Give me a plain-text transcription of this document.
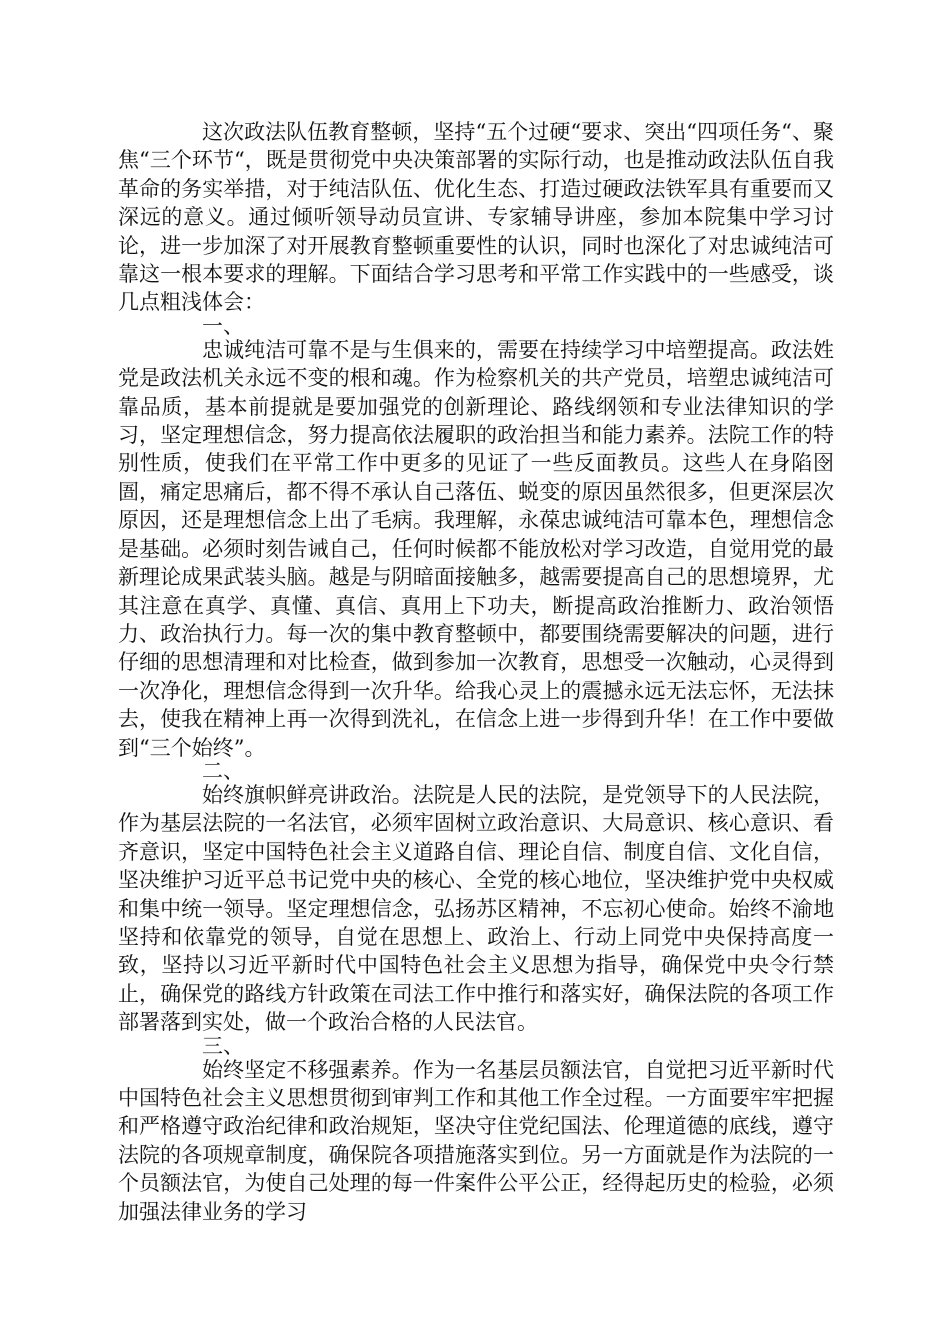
这次政法队伍教育整顿，坚持“五个过硬“要求、突出“四项任务“、聚焦“三个环节“，既是贯彻党中央决策部署的实际行动，也是推动政法队伍自我革命的务实举措，对于纯洁队伍、优化生态、打造过硬政法铁军具有重要而又深远的意义。通过倾听领导动员宣讲、专家辅导讲座，参加本院集中学习讨论，进一步加深了对开展教育整顿重要性的认识，同时也深化了对忠诚纯洁可靠这一根本要求的理解。下面结合学习思考和平常工作实践中的一些感受，谈几点粗浅体会：

一、

忠诚纯洁可靠不是与生俱来的，需要在持续学习中培塑提高。政法姓党是政法机关永远不变的根和魂。作为检察机关的共产党员，培塑忠诚纯洁可靠品质，基本前提就是要加强党的创新理论、路线纲领和专业法律知识的学习，坚定理想信念，努力提高依法履职的政治担当和能力素养。法院工作的特别性质，使我们在平常工作中更多的见证了一些反面教员。这些人在身陷囹圄，痛定思痛后，都不得不承认自己落伍、蜕变的原因虽然很多，但更深层次原因，还是理想信念上出了毛病。我理解，永葆忠诚纯洁可靠本色，理想信念是基础。必须时刻告诫自己，任何时候都不能放松对学习改造，自觉用党的最新理论成果武装头脑。越是与阴暗面接触多，越需要提高自己的思想境界，尤其注意在真学、真懂、真信、真用上下功夫，断提高政治推断力、政治领悟力、政治执行力。每一次的集中教育整顿中，都要围绕需要解决的问题，进行仔细的思想清理和对比检查，做到参加一次教育，思想受一次触动，心灵得到一次净化，理想信念得到一次升华。给我心灵上的震撼永远无法忘怀，无法抹去，使我在精神上再一次得到洗礼，在信念上进一步得到升华！在工作中要做到“三个始终”。

二、

始终旗帜鲜亮讲政治。法院是人民的法院，是党领导下的人民法院，作为基层法院的一名法官，必须牢固树立政治意识、大局意识、核心意识、看齐意识，坚定中国特色社会主义道路自信、理论自信、制度自信、文化自信，坚决维护习近平总书记党中央的核心、全党的核心地位，坚决维护党中央权威和集中统一领导。坚定理想信念，弘扬苏区精神，不忘初心使命。始终不渝地坚持和依靠党的领导，自觉在思想上、政治上、行动上同党中央保持高度一致，坚持以习近平新时代中国特色社会主义思想为指导，确保党中央令行禁止，确保党的路线方针政策在司法工作中推行和落实好，确保法院的各项工作部署落到实处，做一个政治合格的人民法官。

三、

始终坚定不移强素养。作为一名基层员额法官，自觉把习近平新时代中国特色社会主义思想贯彻到审判工作和其他工作全过程。一方面要牢牢把握和严格遵守政治纪律和政治规矩，坚决守住党纪国法、伦理道德的底线，遵守法院的各项规章制度，确保院各项措施落实到位。另一方面就是作为法院的一个员额法官，为使自己处理的每一件案件公平公正，经得起历史的检验，必须加强法律业务的学习
